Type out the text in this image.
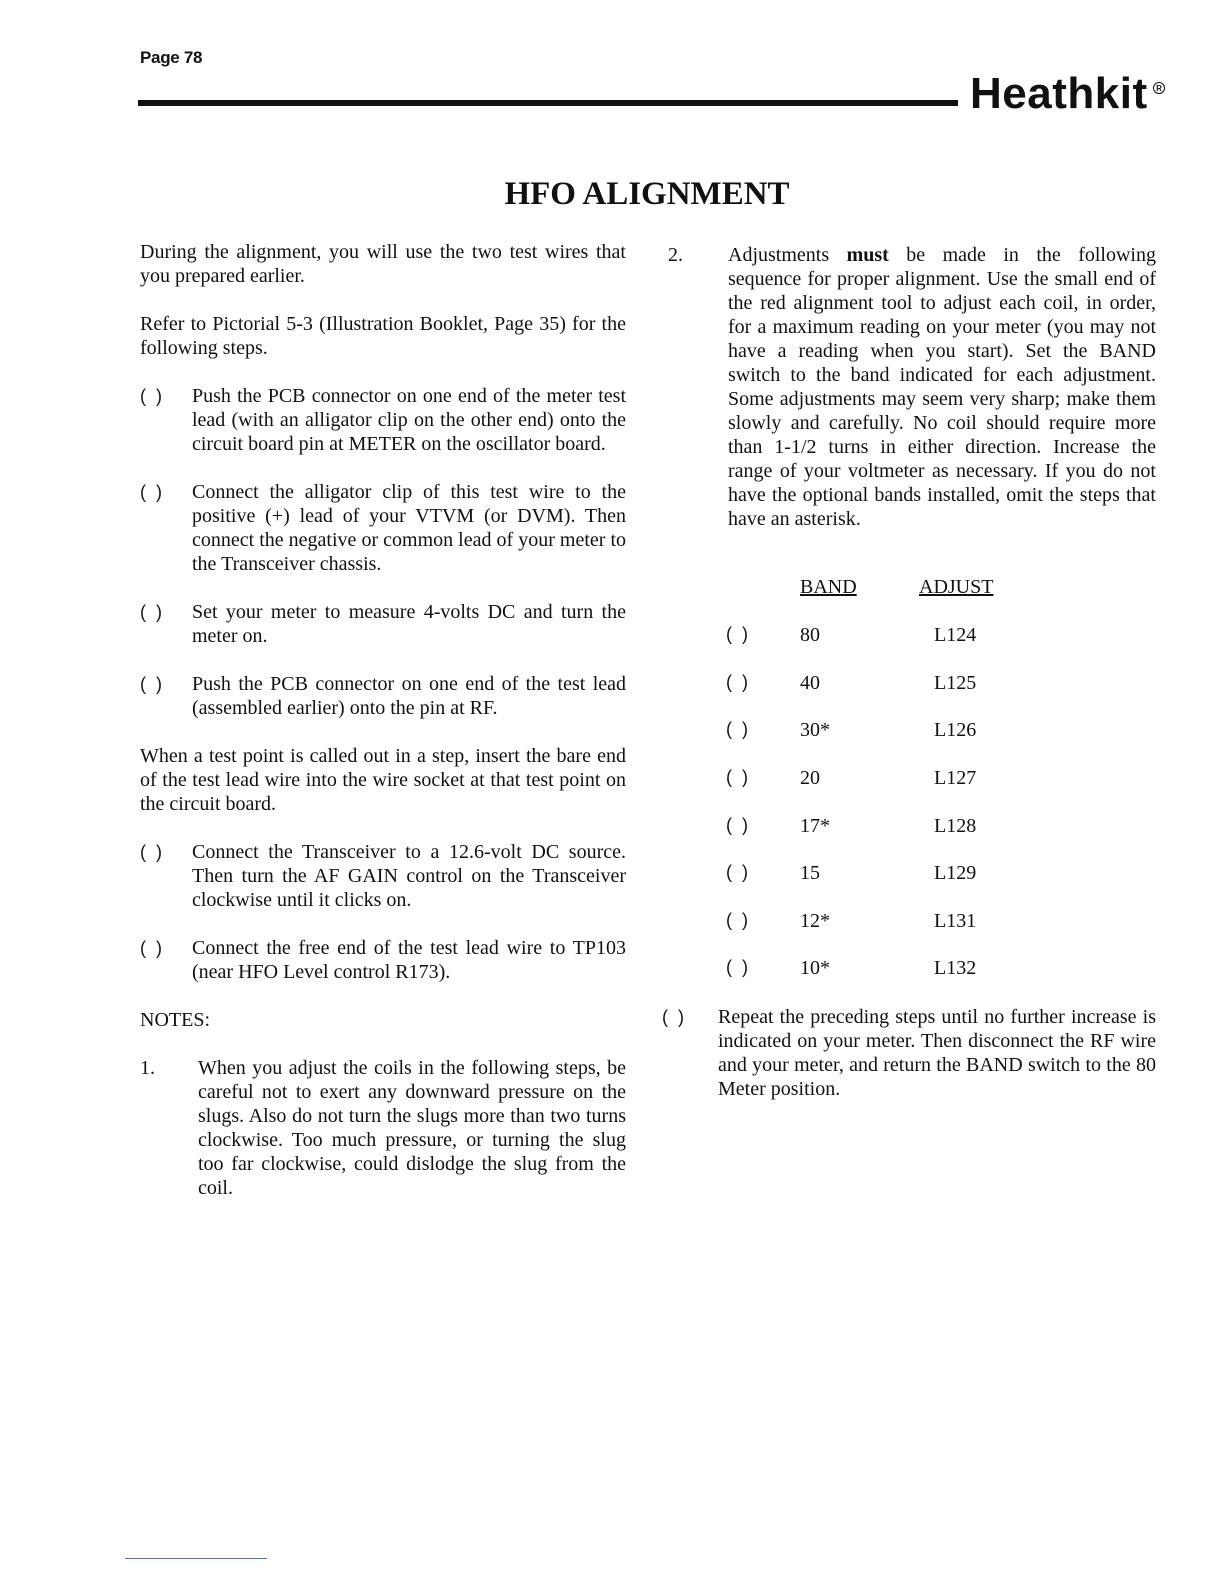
Page 78
Heathkit	R
HFO ALIGNMENT

During the alignment, you will use the two test wires that you prepared earlier.

Refer to Pictorial 5-3 (Illustration Booklet, Page 35) for the following steps.

(  ) Push the PCB connector on one end of the meter test lead (with an alligator clip on the other end) onto the circuit board pin at METER on the oscillator board.
(  ) Connect the alligator clip of this test wire to the positive (+) lead of your VTVM (or DVM). Then connect the negative or common lead of your meter to the Transceiver chassis.
(  ) Set your meter to measure 4-volts DC and turn the meter on.
(  ) Push the PCB connector on one end of the test lead (assembled earlier) onto the pin at RF.

When a test point is called out in a step, insert the bare end of the test lead wire into the wire socket at that test point on the circuit board.

(  ) Connect the Transceiver to a 12.6-volt DC source. Then turn the AF GAIN control on the Transceiver clockwise until it clicks on.
(  ) Connect the free end of the test lead wire to TP103 (near HFO Level control R173).

NOTES:

1. When you adjust the coils in the following steps, be careful not to exert any downward pressure on the slugs. Also do not turn the slugs more than two turns clockwise. Too much pressure, or turning the slug too far clockwise, could dislodge the slug from the coil.
2. Adjustments must be made in the following sequence for proper alignment. Use the small end of the red alignment tool to adjust each coil, in order, for a maximum reading on your meter (you may not have a reading when you start). Set the BAND switch to the band indicated for each adjustment. Some adjustments may seem very sharp; make them slowly and carefully. No coil should require more than 1-1/2 turns in either direction. Increase the range of your voltmeter as necessary. If you do not have the optional bands installed, omit the steps that have an asterisk.
BAND	ADJUST
(  )	80	L124
(  )	40	L125
(  )	30*	L126
(  )	20	L127
(  )	17*	L128
(  )	15	L129
(  )	12*	L131
(  )	10*	L132
(  )	Repeat the preceding steps until no further increase is indicated on your meter. Then disconnect the RF wire and your meter, and return the BAND switch to the 80 Meter position.
